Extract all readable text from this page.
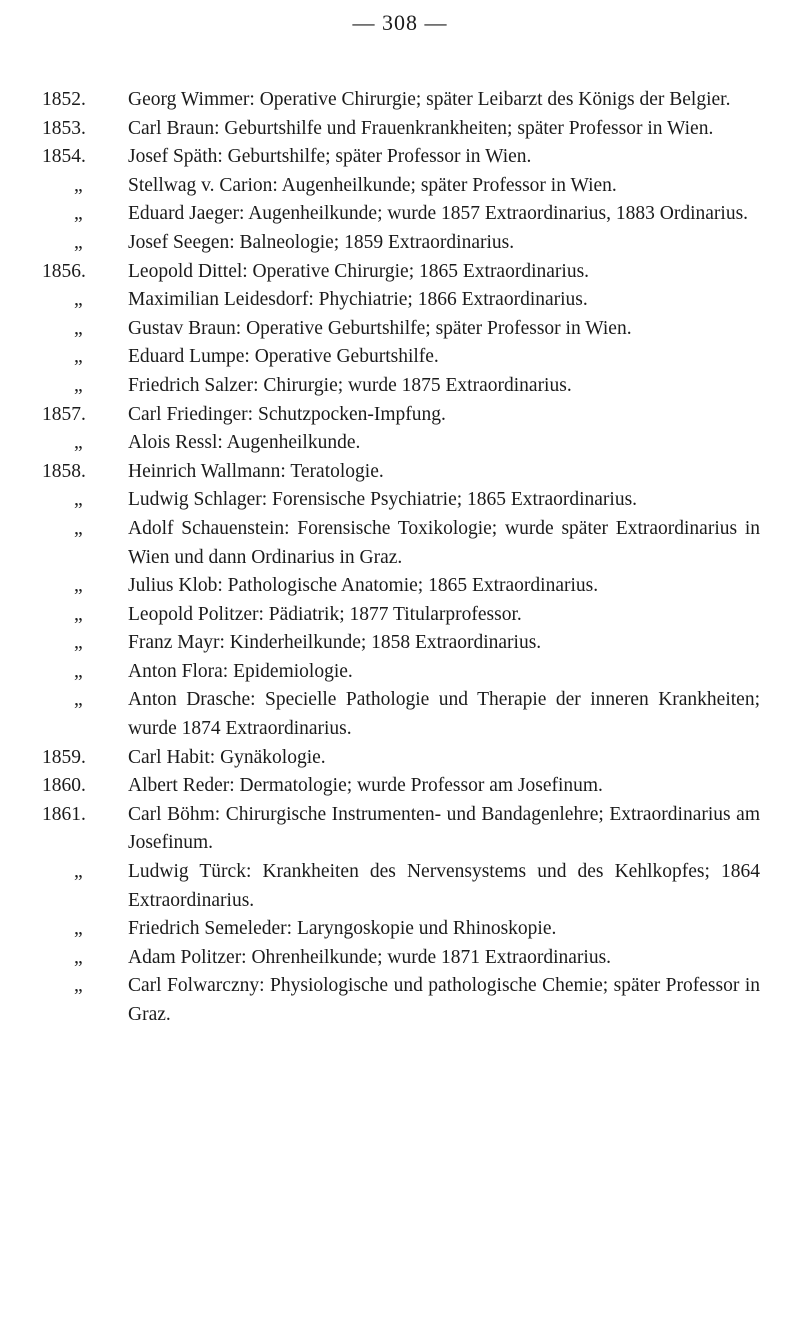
— 308 —
1852.	Georg Wimmer: Operative Chirurgie; später Leibarzt des Königs der Belgier.
1853.	Carl Braun: Geburtshilfe und Frauenkrankheiten; später Professor in Wien.
1854.	Josef Späth: Geburtshilfe; später Professor in Wien.
„	Stellwag v. Carion: Augenheilkunde; später Professor in Wien.
„	Eduard Jaeger: Augenheilkunde; wurde 1857 Extraordinarius, 1883 Ordinarius.
„	Josef Seegen: Balneologie; 1859 Extraordinarius.
1856.	Leopold Dittel: Operative Chirurgie; 1865 Extraordinarius.
„	Maximilian Leidesdorf: Phychiatrie; 1866 Extraordinarius.
„	Gustav Braun: Operative Geburtshilfe; später Professor in Wien.
„	Eduard Lumpe: Operative Geburtshilfe.
„	Friedrich Salzer: Chirurgie; wurde 1875 Extraordinarius.
1857.	Carl Friedinger: Schutzpocken-Impfung.
„	Alois Ressl: Augenheilkunde.
1858.	Heinrich Wallmann: Teratologie.
„	Ludwig Schlager: Forensische Psychiatrie; 1865 Extraordinarius.
„	Adolf Schauenstein: Forensische Toxikologie; wurde später Extraordinarius in Wien und dann Ordinarius in Graz.
„	Julius Klob: Pathologische Anatomie; 1865 Extraordinarius.
„	Leopold Politzer: Pädiatrik; 1877 Titularprofessor.
„	Franz Mayr: Kinderheilkunde; 1858 Extraordinarius.
„	Anton Flora: Epidemiologie.
„	Anton Drasche: Specielle Pathologie und Therapie der inneren Krankheiten; wurde 1874 Extraordinarius.
1859.	Carl Habit: Gynäkologie.
1860.	Albert Reder: Dermatologie; wurde Professor am Josefinum.
1861.	Carl Böhm: Chirurgische Instrumenten- und Bandagenlehre; Extraordinarius am Josefinum.
„	Ludwig Türck: Krankheiten des Nervensystems und des Kehlkopfes; 1864 Extraordinarius.
„	Friedrich Semeleder: Laryngoskopie und Rhinoskopie.
„	Adam Politzer: Ohrenheilkunde; wurde 1871 Extraordinarius.
„	Carl Folwarczny: Physiologische und pathologische Chemie; später Professor in Graz.
